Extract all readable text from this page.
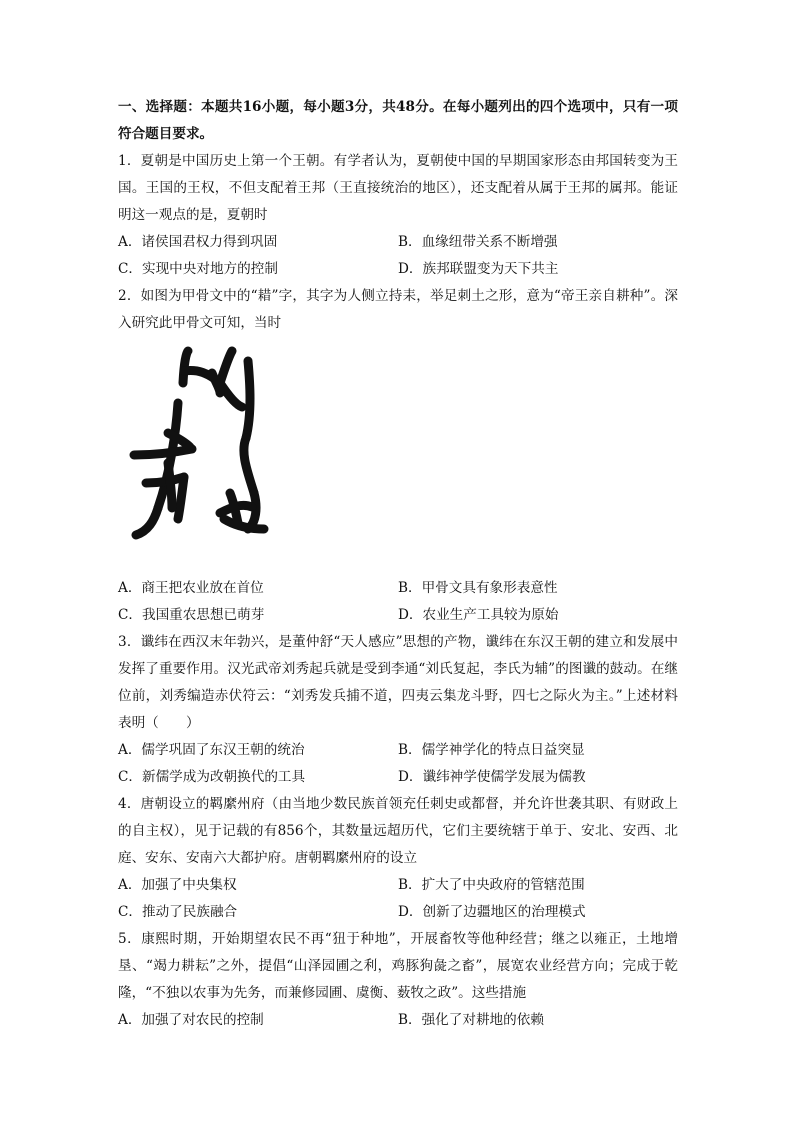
一、选择题：本题共16小题，每小题3分，共48分。在每小题列出的四个选项中，只有一项符合题目要求。

1．夏朝是中国历史上第一个王朝。有学者认为，夏朝使中国的早期国家形态由邦国转变为王国。王国的王权，不但支配着王邦（王直接统治的地区），还支配着从属于王邦的属邦。能证明这一观点的是，夏朝时

A．诸侯国君权力得到巩固	B．血缘纽带关系不断增强
C．实现中央对地方的控制	D．族邦联盟变为天下共主

2．如图为甲骨文中的“耤”字，其字为人侧立持耒，举足刺土之形，意为“帝王亲自耕种”。深入研究此甲骨文可知，当时

A．商王把农业放在首位	B．甲骨文具有象形表意性
C．我国重农思想已萌芽	D．农业生产工具较为原始

3．谶纬在西汉末年勃兴，是董仲舒“天人感应”思想的产物，谶纬在东汉王朝的建立和发展中发挥了重要作用。汉光武帝刘秀起兵就是受到李通“刘氏复起，李氏为辅”的图谶的鼓动。在继位前，刘秀编造赤伏符云：“刘秀发兵捕不道，四夷云集龙斗野，四七之际火为主。”上述材料表明（　　）

A．儒学巩固了东汉王朝的统治	B．儒学神学化的特点日益突显
C．新儒学成为改朝换代的工具	D．谶纬神学使儒学发展为儒教

4．唐朝设立的羁縻州府（由当地少数民族首领充任刺史或都督，并允许世袭其职、有财政上的自主权），见于记载的有856个，其数量远超历代，它们主要统辖于单于、安北、安西、北庭、安东、安南六大都护府。唐朝羁縻州府的设立

A．加强了中央集权	B．扩大了中央政府的管辖范围
C．推动了民族融合	D．创新了边疆地区的治理模式

5．康熙时期，开始期望农民不再“狃于种地”，开展畜牧等他种经营；继之以雍正，土地增垦、“竭力耕耘”之外，提倡“山泽园圃之利，鸡豚狗彘之畜”，展宽农业经营方向；完成于乾隆，“不独以农事为先务，而兼修园圃、虞衡、薮牧之政”。这些措施

A．加强了对农民的控制	B．强化了对耕地的依赖
